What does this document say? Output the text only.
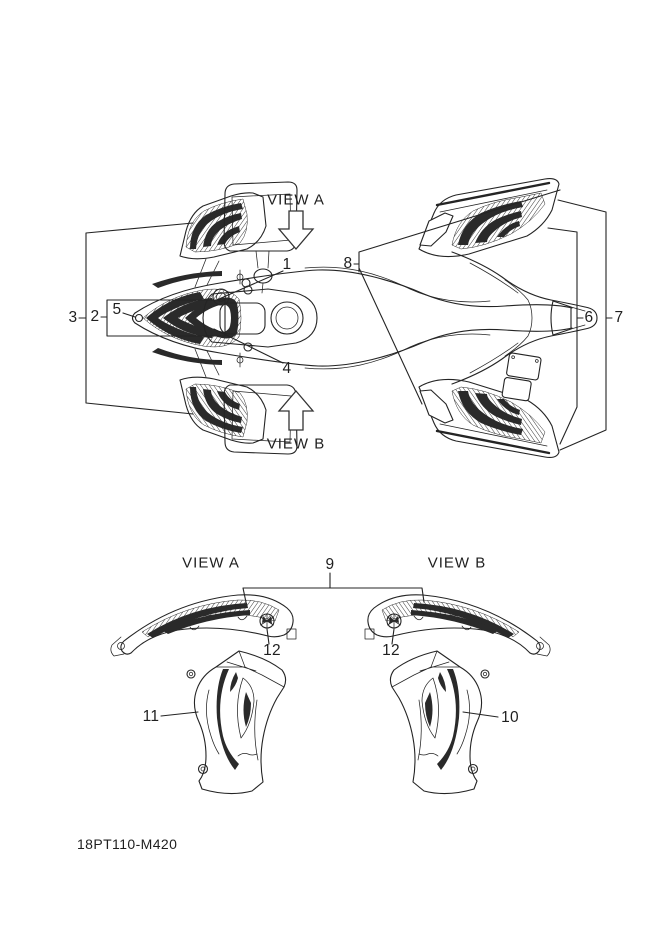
VIEW A
VIEW B
1
2
3
4
5	6 7
8
VIEW A	VIEW B
9
10
11
12	12
18PT110-M420
